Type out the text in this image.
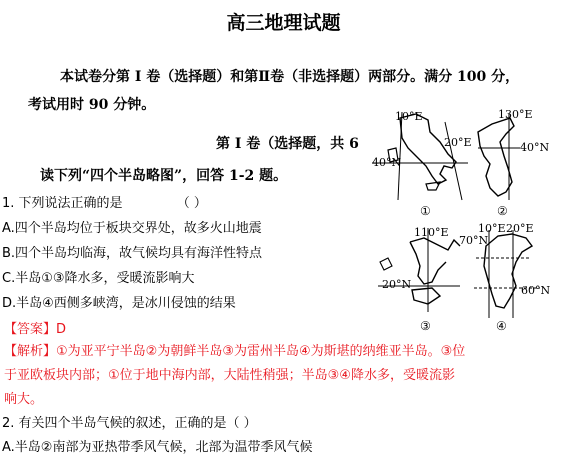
高三地理试题
本试卷分第 I 卷（选择题）和第Ⅱ卷（非选择题）两部分。满分 100 分，
考试用时 90 分钟。
第 I 卷（选择题，共 6
读下列“四个半岛略图”，回答 1-2 题。
1. 下列说法正确的是	（ ）
A.四个半岛均位于板块交界处，故多火山地震
B.四个半岛均临海，故气候均具有海洋性特点
C.半岛①③降水多，受暖流影响大
D.半岛④西侧多峡湾，是冰川侵蚀的结果
【答案】D
【解析】①为亚平宁半岛②为朝鲜半岛③为雷州半岛④为斯堪的纳维亚半岛。③位
于亚欧板块内部；①位于地中海内部，大陆性稍强；半岛③④降水多，受暖流影
响大。
2. 有关四个半岛气候的叙述，正确的是（ ）
A.半岛②南部为亚热带季风气候，北部为温带季风气候
10°E
20°E
40°N
①
130°E
40°N
②
110°E
20°N
③
10°E 20°E
70°N
60°N
④
